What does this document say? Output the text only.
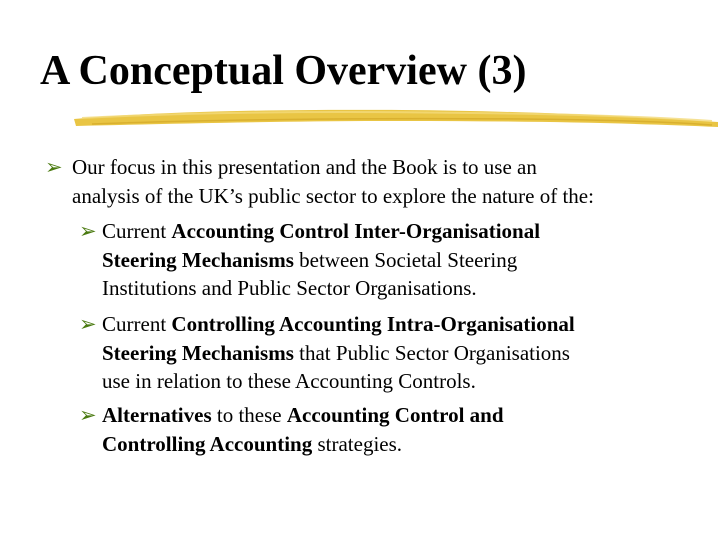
A Conceptual Overview (3)
➢ Our focus in this presentation and the Book is to use an
analysis of the UK’s public sector to explore the nature of the:
➢ Current Accounting Control Inter-Organisational
Steering Mechanisms between Societal Steering
Institutions and Public Sector Organisations.
➢ Current Controlling Accounting Intra-Organisational
Steering Mechanisms that Public Sector Organisations
use in relation to these Accounting Controls.
➢ Alternatives to these Accounting Control and
Controlling Accounting strategies.
